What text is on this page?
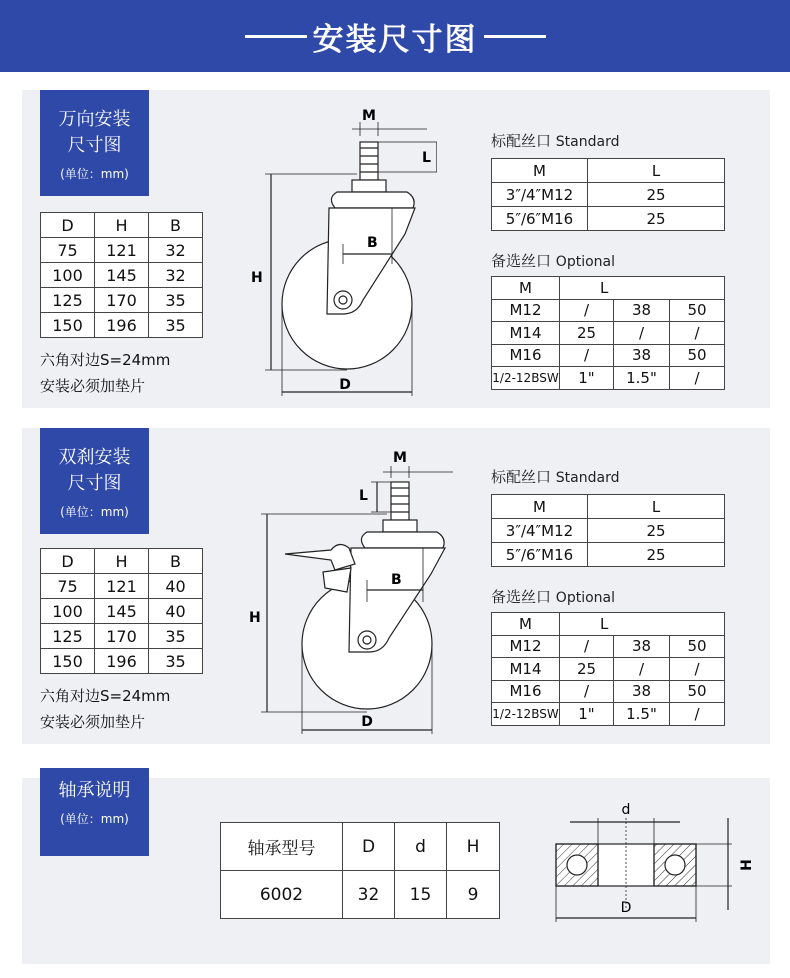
安装尺寸图
万向安装
尺寸图
(单位：mm)
D	H	B
75	121	32
100	145	32
125	170	35
150	196	35
六角对边S=24mm
安装必须加垫片
M
L
B
H
D
标配丝口 Standard
M	L
3″/4″M12	25
5″/6″M16	25
备选丝口 Optional
M	L		
M12	/	38	50
M14	25	/	/
M16	/	38	50
1/2-12BSW	1"	1.5"	/
双刹安装
尺寸图
(单位：mm)
D	H	B
75	121	40
100	145	40
125	170	35
150	196	35
六角对边S=24mm
安装必须加垫片
M
L
B
H
D
标配丝口 Standard
M	L
3″/4″M12	25
5″/6″M16	25
备选丝口 Optional
M	L		
M12	/	38	50
M14	25	/	/
M16	/	38	50
1/2-12BSW	1"	1.5"	/
轴承说明
(单位：mm)
轴承型号	D	d	H
6002	32	15	9
d
H
D
